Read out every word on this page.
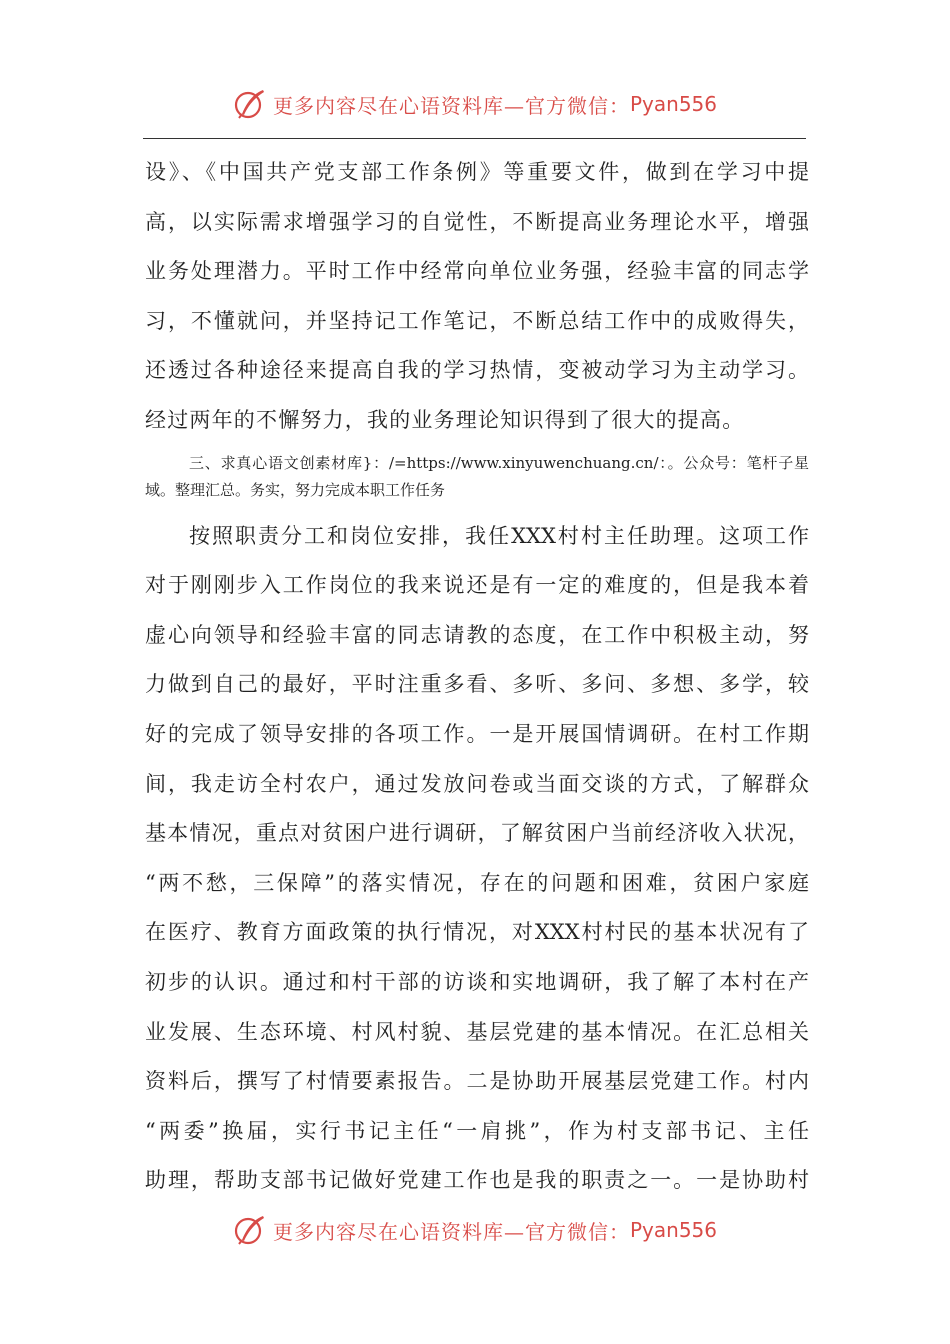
更多内容尽在心语资料库—官方微信： Pyan556
设》、《中国共产党支部工作条例》等重要文件，做到在学习中提
高，以实际需求增强学习的自觉性，不断提高业务理论水平，增强
业务处理潜力。平时工作中经常向单位业务强，经验丰富的同志学
习，不懂就问，并坚持记工作笔记，不断总结工作中的成败得失，
还透过各种途径来提高自我的学习热情，变被动学习为主动学习。
经过两年的不懈努力，我的业务理论知识得到了很大的提高。
三、求真心语文创素材库}：/=https://www.xinyuwenchuang.cn/：。公众号：笔杆子星
域。整理汇总。务实，努力完成本职工作任务
按照职责分工和岗位安排，我任XXX村村主任助理。这项工作
对于刚刚步入工作岗位的我来说还是有一定的难度的，但是我本着
虚心向领导和经验丰富的同志请教的态度，在工作中积极主动，努
力做到自己的最好，平时注重多看、多听、多问、多想、多学，较
好的完成了领导安排的各项工作。一是开展国情调研。在村工作期
间，我走访全村农户，通过发放问卷或当面交谈的方式，了解群众
基本情况，重点对贫困户进行调研，了解贫困户当前经济收入状况，
“两不愁，三保障”的落实情况，存在的问题和困难，贫困户家庭
在医疗、教育方面政策的执行情况，对XXX村村民的基本状况有了
初步的认识。通过和村干部的访谈和实地调研，我了解了本村在产
业发展、生态环境、村风村貌、基层党建的基本情况。在汇总相关
资料后，撰写了村情要素报告。二是协助开展基层党建工作。村内
“两委”换届，实行书记主任“一肩挑”，作为村支部书记、主任
助理，帮助支部书记做好党建工作也是我的职责之一。一是协助村
更多内容尽在心语资料库—官方微信： Pyan556
